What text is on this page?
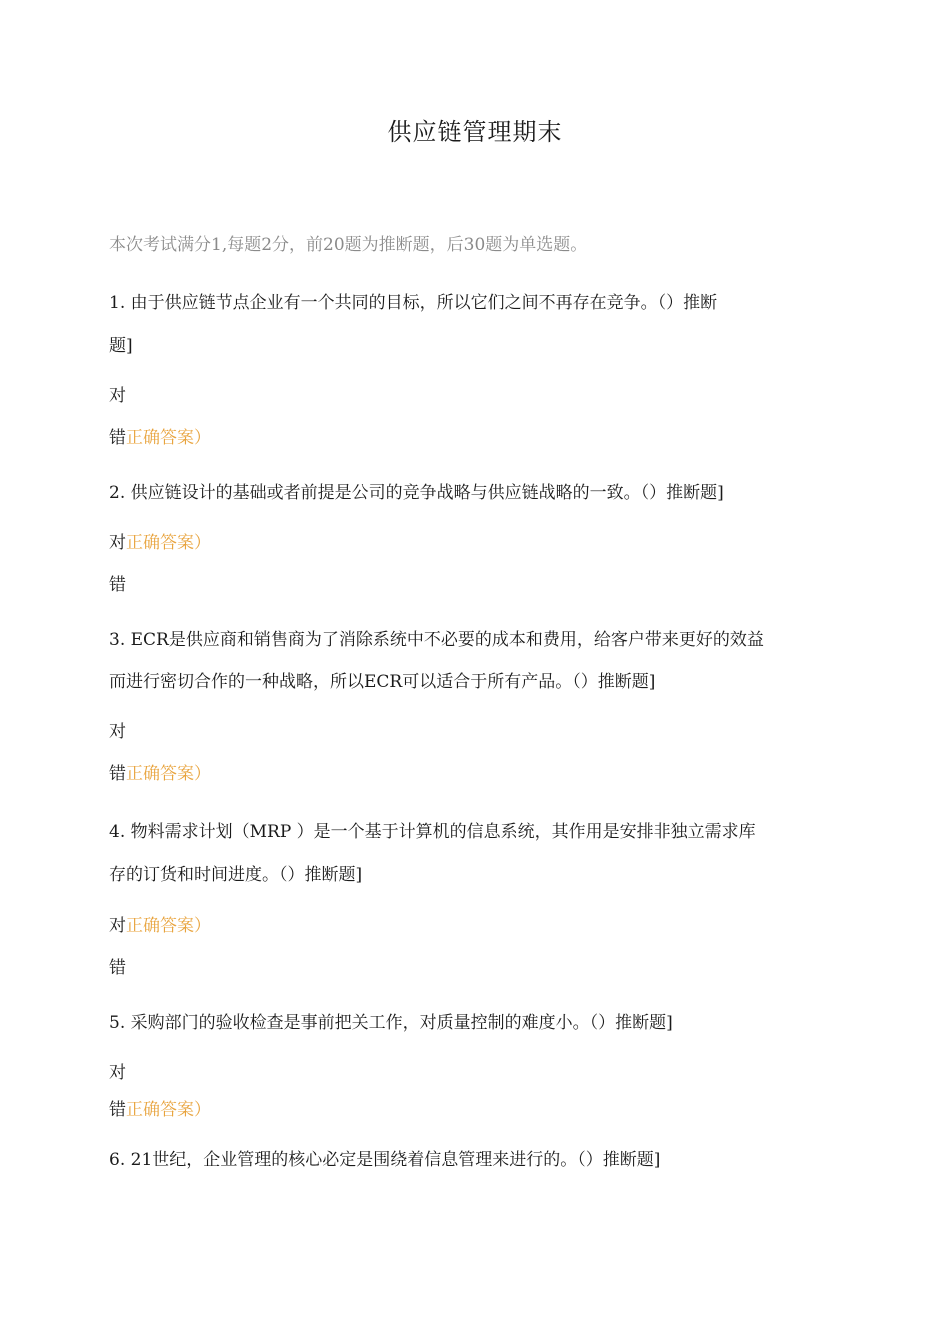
供应链管理期末
本次考试满分1,每题2分，前20题为推断题，后30题为单选题。
1. 由于供应链节点企业有一个共同的目标，所以它们之间不再存在竞争。（）推断
题]
对
错正确答案）
2. 供应链设计的基础或者前提是公司的竞争战略与供应链战略的一致。（）推断题]
对正确答案）
错
3. ECR是供应商和销售商为了消除系统中不必要的成本和费用，给客户带来更好的效益
而进行密切合作的一种战略，所以ECR可以适合于所有产品。（）推断题]
对
错正确答案）
4. 物料需求计划（MRP ）是一个基于计算机的信息系统，其作用是安排非独立需求库
存的订货和时间进度。（）推断题]
对正确答案）
错
5. 采购部门的验收检查是事前把关工作，对质量控制的难度小。（）推断题]
对
错正确答案）
6. 21世纪，企业管理的核心必定是围绕着信息管理来进行的。（）推断题]
